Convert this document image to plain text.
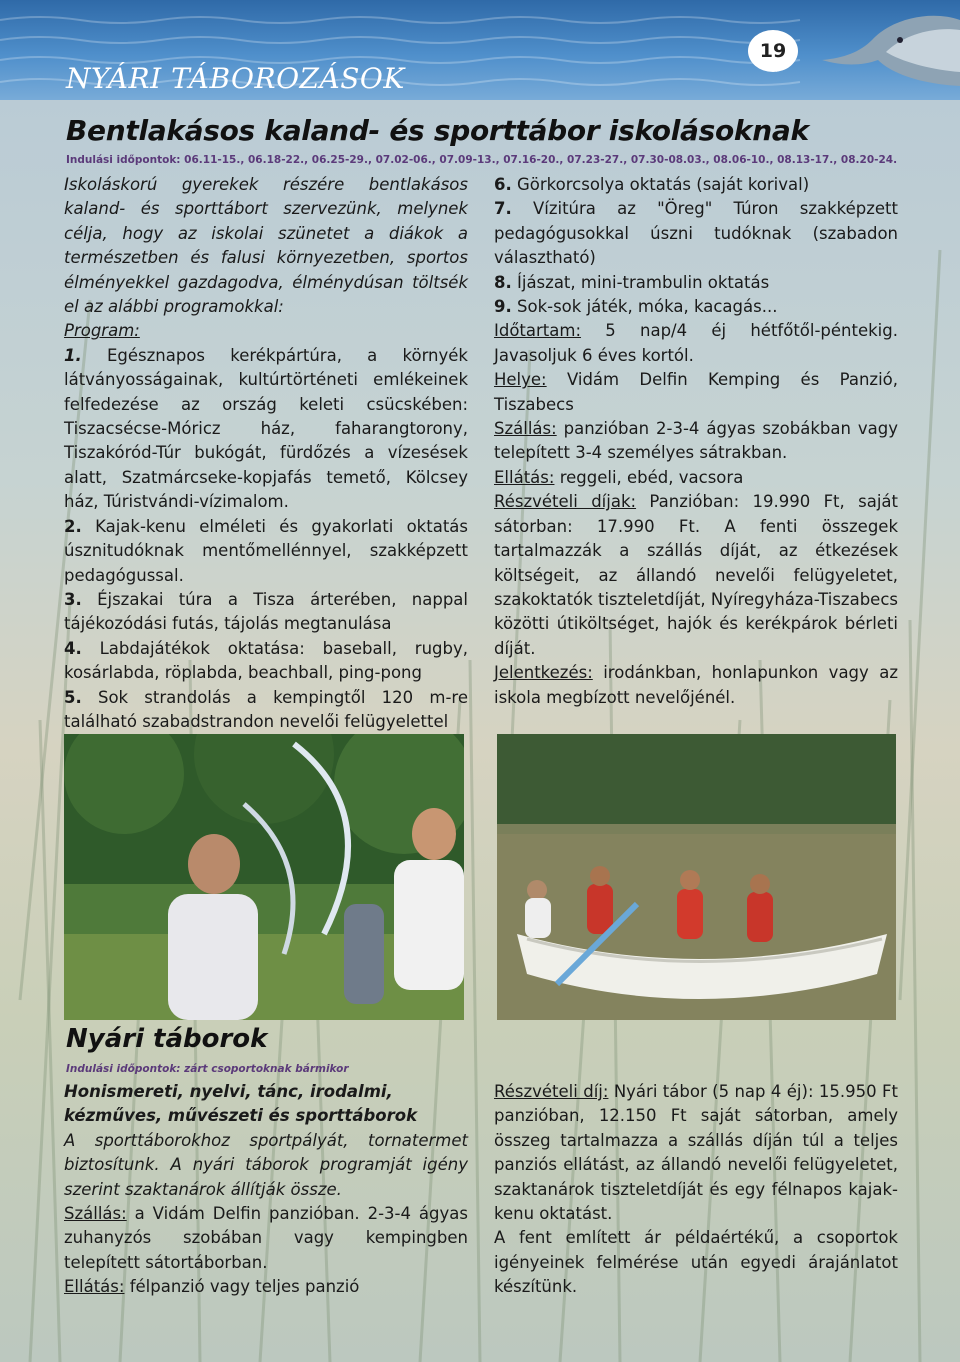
NYÁRI TÁBOROZÁSOK
19
Bentlakásos kaland- és sporttábor iskolásoknak
Indulási időpontok: 06.11-15., 06.18-22., 06.25-29., 07.02-06., 07.09-13., 07.16-20., 07.23-27., 07.30-08.03., 08.06-10., 08.13-17., 08.20-24.

Iskoláskorú gyerekek részére bentlakásos kaland- és sporttábort szervezünk, melynek célja, hogy az iskolai szünetet a diákok a természetben és falusi környezetben, sportos élményekkel gazdagodva, élménydúsan töltsék el az alábbi programokkal:

Program:

1. Egésznapos kerékpártúra, a környék látványosságainak, kultúrtörténeti emlékeinek felfedezése az ország keleti csücskében: Tiszacsécse-Móricz ház, faharangtorony, Tiszakóród-Túr bukógát, fürdőzés a vízesések alatt, Szatmárcseke-kopjafás temető, Kölcsey ház, Túristvándi-vízimalom.

2. Kajak-kenu elméleti és gyakorlati oktatás úsznitudóknak mentőmellénnyel, szakképzett pedagógussal.

3. Éjszakai túra a Tisza árterében, nappal tájékozódási futás, tájolás megtanulása

4. Labdajátékok oktatása: baseball, rugby, kosárlabda, röplabda, beachball, ping-pong

5. Sok strandolás a kempingtől 120 m-re található szabadstrandon nevelői felügyelettel

6. Görkorcsolya oktatás (saját korival)

7. Vízitúra az "Öreg" Túron szakképzett pedagógusokkal úszni tudóknak (szabadon választható)

8. Íjászat, mini-trambulin oktatás

9. Sok-sok játék, móka, kacagás...

Időtartam: 5 nap/4 éj hétfőtől-péntekig. Javasoljuk 6 éves kortól.

Helye: Vidám Delfin Kemping és Panzió, Tiszabecs

Szállás: panzióban 2-3-4 ágyas szobákban vagy telepített 3-4 személyes sátrakban.

Ellátás: reggeli, ebéd, vacsora

Részvételi díjak: Panzióban: 19.990 Ft, saját sátorban: 17.990 Ft. A fenti összegek tartalmazzák a szállás díját, az étkezések költségeit, az állandó nevelői felügyeletet, szakoktatók tiszteletdíját, Nyíregyháza-Tiszabecs közötti útiköltséget, hajók és kerékpárok bérleti díját.

Jelentkezés: irodánkban, honlapunkon vagy az iskola megbízott nevelőjénél.

Nyári táborok
Indulási időpontok: zárt csoportoknak bármikor

Honismereti, nyelvi, tánc, irodalmi, kézműves, művészeti és sporttáborok

A sporttáborokhoz sportpályát, tornatermet biztosítunk. A nyári táborok programját igény szerint szaktanárok állítják össze.

Szállás: a Vidám Delfin panzióban. 2-3-4 ágyas zuhanyzós szobában vagy kempingben telepített sátortáborban.

Ellátás: félpanzió vagy teljes panzió

Részvételi díj: Nyári tábor (5 nap 4 éj): 15.950 Ft panzióban, 12.150 Ft saját sátorban, amely összeg tartalmazza a szállás díján túl a teljes panziós ellátást, az állandó nevelői felügyeletet, szaktanárok tiszteletdíját és egy félnapos kajak-kenu oktatást.

A fent említett ár példaértékű, a csoportok igényeinek felmérése után egyedi árajánlatot készítünk.
